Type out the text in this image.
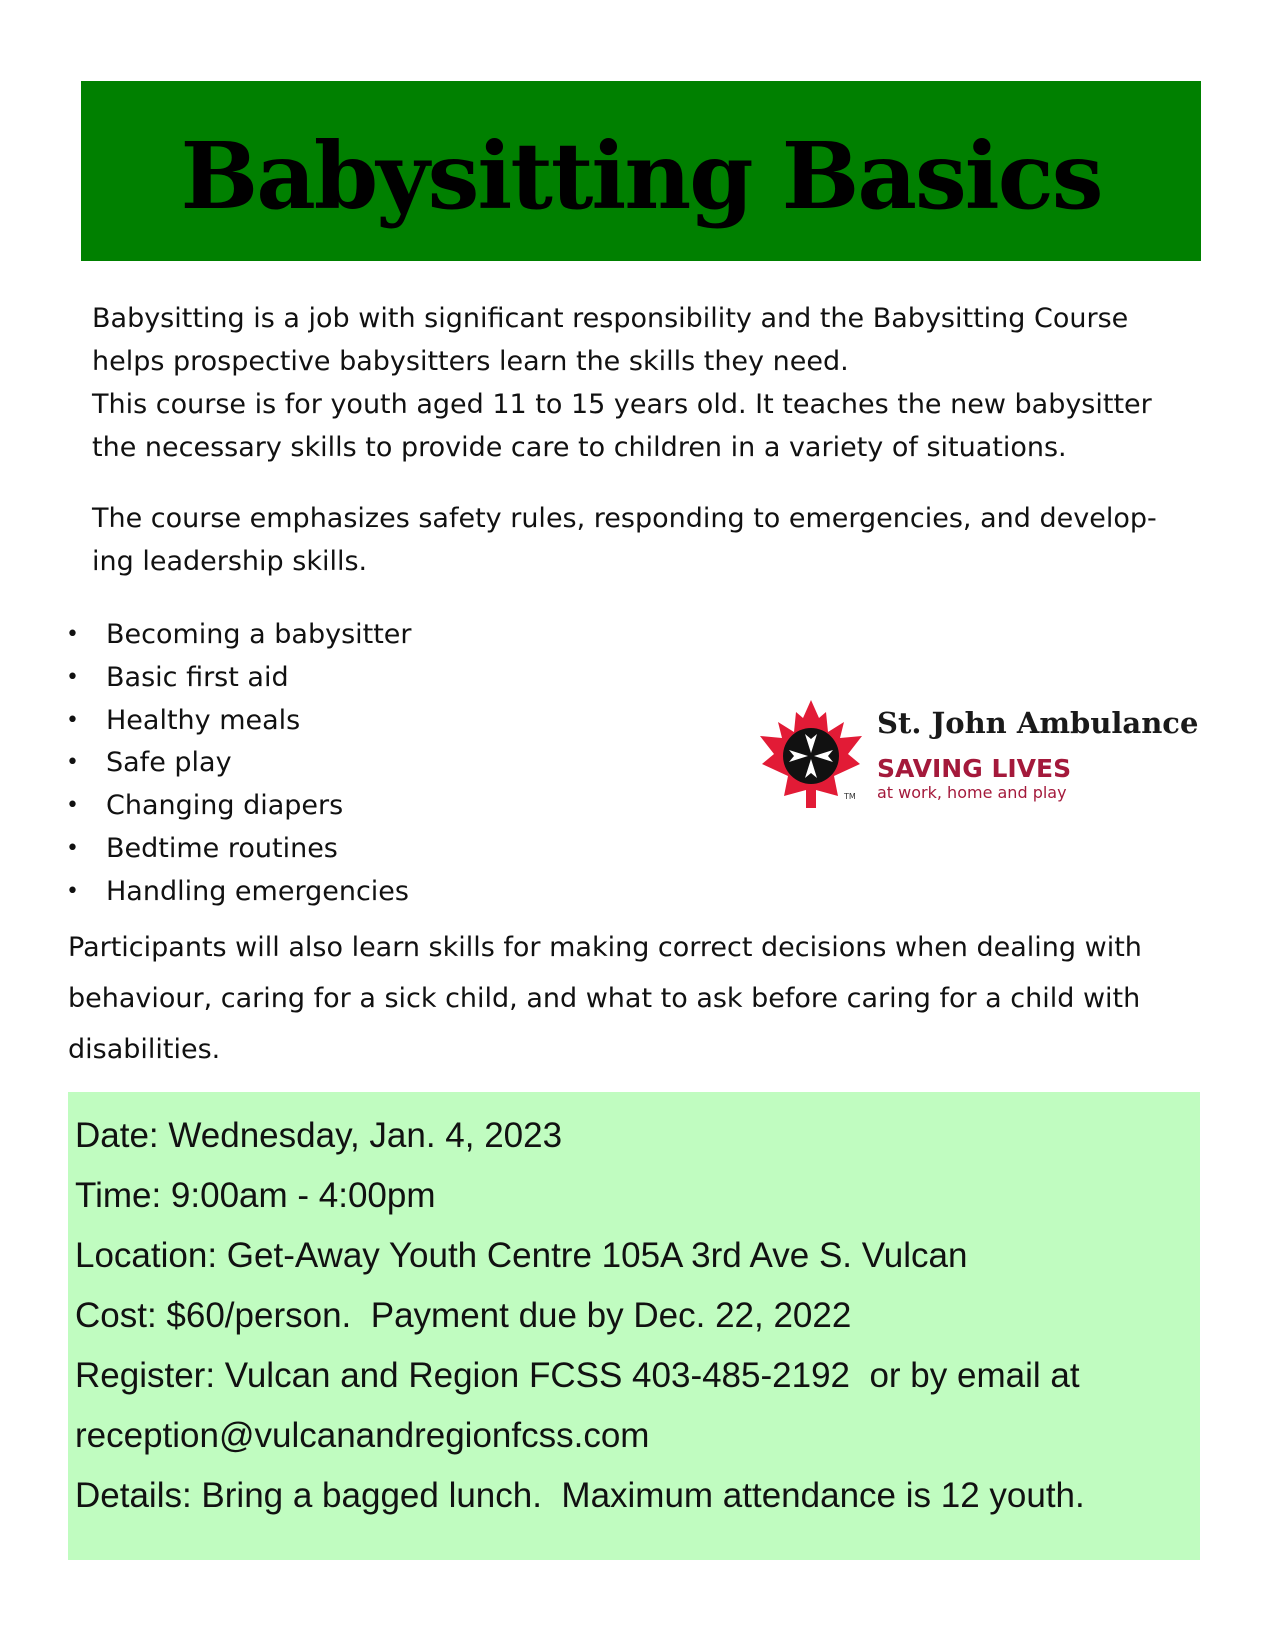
Babysitting Basics

Babysitting is a job with significant responsibility and the Babysitting Course helps prospective babysitters learn the skills they need.

This course is for youth aged 11 to 15 years old. It teaches the new babysitter the necessary skills to provide care to children in a variety of situations.

The course emphasizes safety rules, responding to emergencies, and develop-
ing leadership skills.

• Becoming a babysitter
• Basic first aid
• Healthy meals
• Safe play
• Changing diapers
• Bedtime routines
• Handling emergencies
TM
St. John Ambulance
SAVING LIVES
at work, home and play

Participants will also learn skills for making correct decisions when dealing with behaviour, caring for a sick child, and what to ask before caring for a child with disabilities.

Date: Wednesday, Jan. 4, 2023
Time: 9:00am - 4:00pm
Location: Get-Away Youth Centre 105A 3rd Ave S. Vulcan
Cost: $60/person.  Payment due by Dec. 22, 2022
Register: Vulcan and Region FCSS 403-485-2192  or by email at
reception@vulcanandregionfcss.com
Details: Bring a bagged lunch.  Maximum attendance is 12 youth.
